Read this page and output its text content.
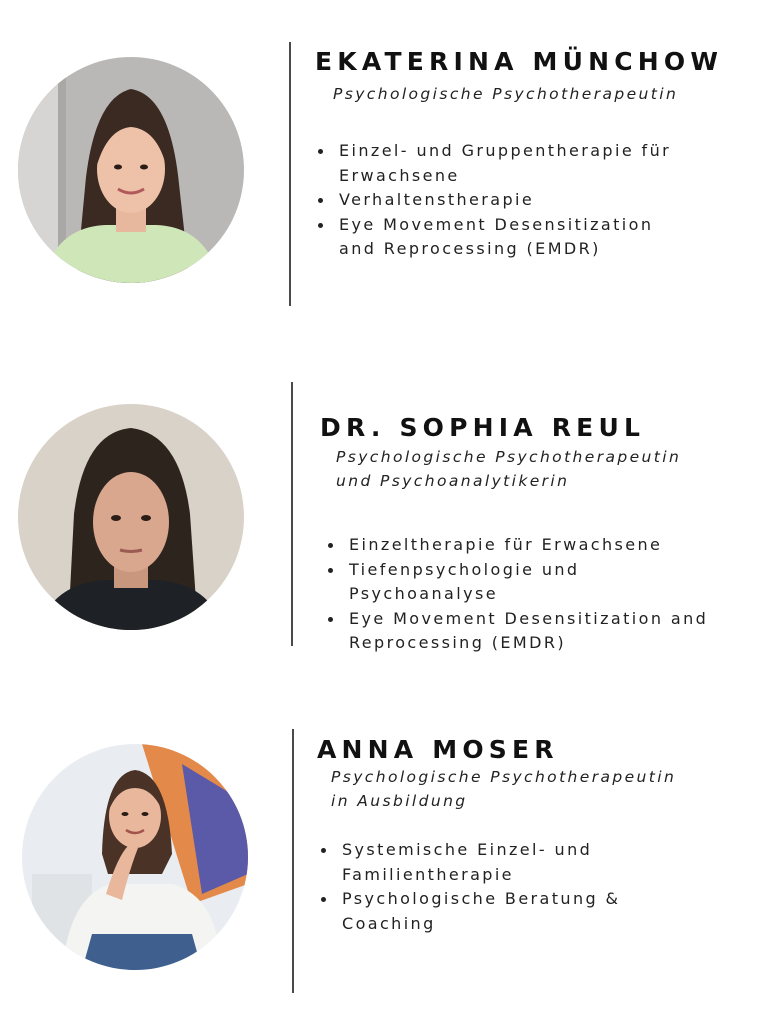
EKATERINA MÜNCHOW

Psychologische Psychotherapeutin

Einzel- und Gruppentherapie für
Erwachsene
Verhaltenstherapie
Eye Movement Desensitization
and Reprocessing (EMDR)
DR. SOPHIA REUL

Psychologische Psychotherapeutin
und Psychoanalytikerin

Einzeltherapie für Erwachsene
Tiefenpsychologie und
Psychoanalyse
Eye Movement Desensitization and
Reprocessing (EMDR)
ANNA MOSER

Psychologische Psychotherapeutin
in Ausbildung

Systemische Einzel- und
Familientherapie
Psychologische Beratung &
Coaching
